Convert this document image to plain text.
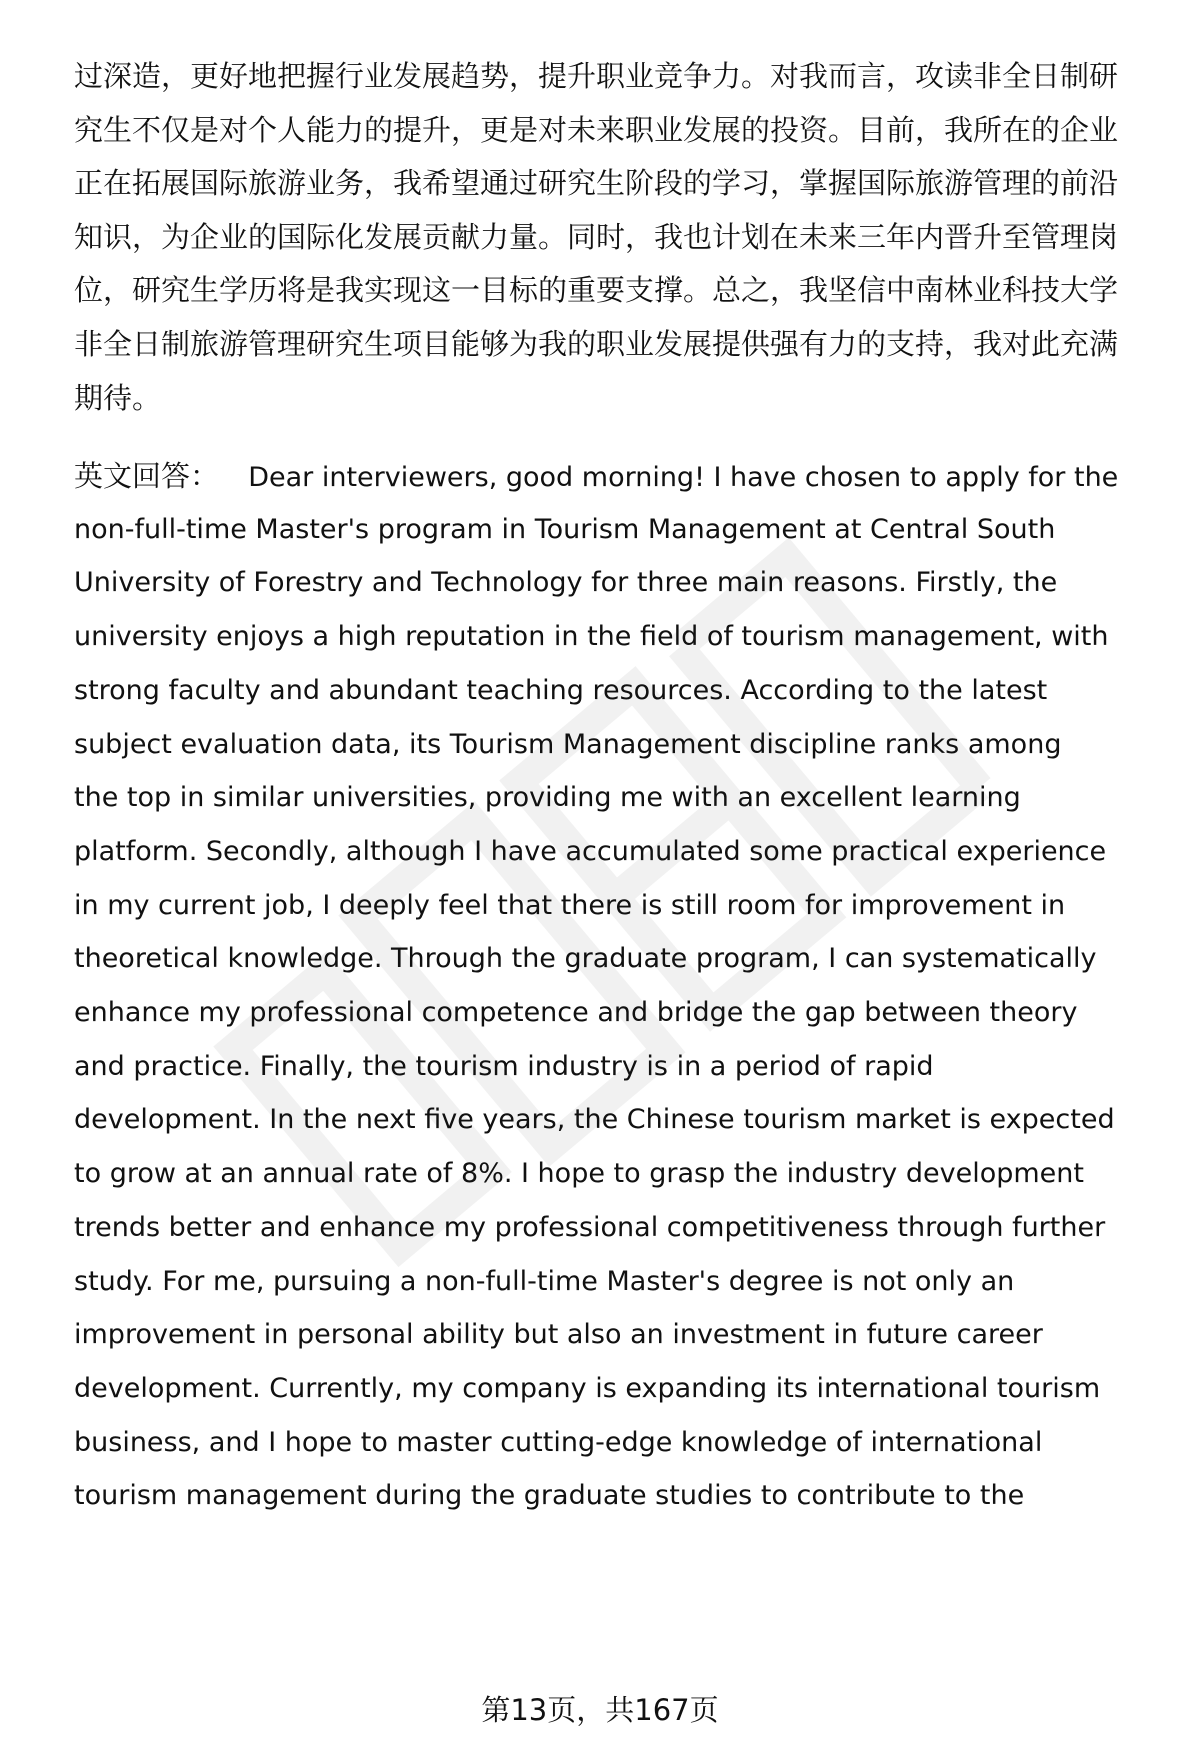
过深造，更好地把握行业发展趋势，提升职业竞争力。对我而言，攻读非全日制研
究生不仅是对个人能力的提升，更是对未来职业发展的投资。目前，我所在的企业
正在拓展国际旅游业务，我希望通过研究生阶段的学习，掌握国际旅游管理的前沿
知识，为企业的国际化发展贡献力量。同时，我也计划在未来三年内晋升至管理岗
位，研究生学历将是我实现这一目标的重要支撑。总之，我坚信中南林业科技大学
非全日制旅游管理研究生项目能够为我的职业发展提供强有力的支持，我对此充满
期待。
英文回答： Dear interviewers, good morning! I have chosen to apply for the
non-full-time Master's program in Tourism Management at Central South
University of Forestry and Technology for three main reasons. Firstly, the
university enjoys a high reputation in the field of tourism management, with
strong faculty and abundant teaching resources. According to the latest
subject evaluation data, its Tourism Management discipline ranks among
the top in similar universities, providing me with an excellent learning
platform. Secondly, although I have accumulated some practical experience
in my current job, I deeply feel that there is still room for improvement in
theoretical knowledge. Through the graduate program, I can systematically
enhance my professional competence and bridge the gap between theory
and practice. Finally, the tourism industry is in a period of rapid
development. In the next five years, the Chinese tourism market is expected
to grow at an annual rate of 8%. I hope to grasp the industry development
trends better and enhance my professional competitiveness through further
study. For me, pursuing a non-full-time Master's degree is not only an
improvement in personal ability but also an investment in future career
development. Currently, my company is expanding its international tourism
business, and I hope to master cutting-edge knowledge of international
tourism management during the graduate studies to contribute to the
第13页，共167页
